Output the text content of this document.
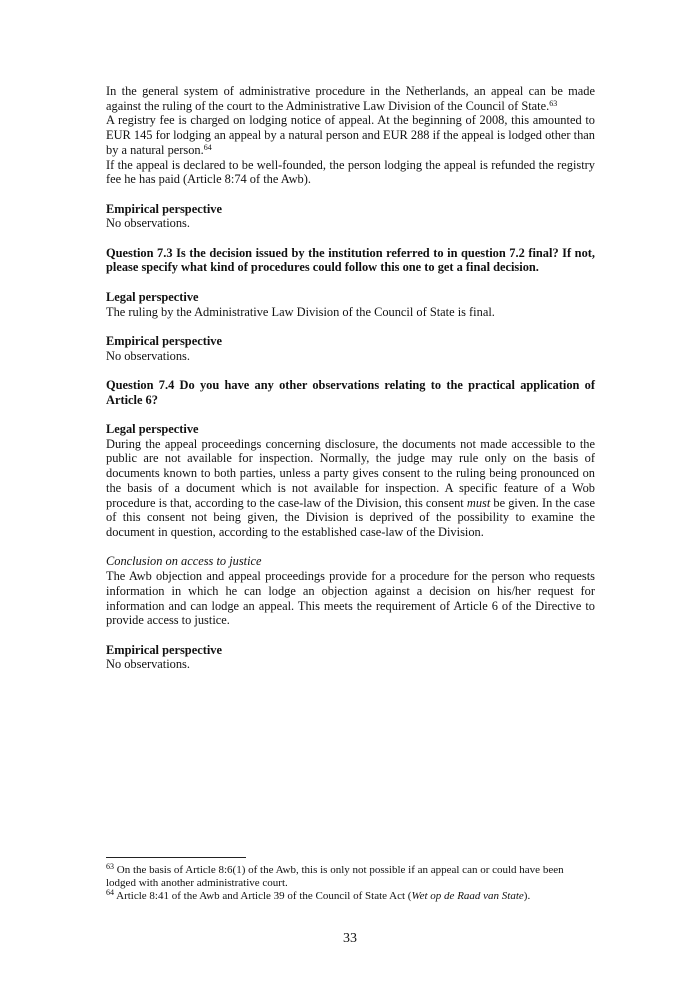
In the general system of administrative procedure in the Netherlands, an appeal can be made against the ruling of the court to the Administrative Law Division of the Council of State.$^{63}$

A registry fee is charged on lodging notice of appeal. At the beginning of 2008, this amounted to EUR 145 for lodging an appeal by a natural person and EUR 288 if the appeal is lodged other than by a natural person.$^{64}$

If the appeal is declared to be well-founded, the person lodging the appeal is refunded the registry fee he has paid (Article 8:74 of the Awb).

Empirical perspective

No observations.

Question 7.3 Is the decision issued by the institution referred to in question 7.2 final? If not, please specify what kind of procedures could follow this one to get a final decision.

Legal perspective

The ruling by the Administrative Law Division of the Council of State is final.

Empirical perspective

No observations.

Question 7.4 Do you have any other observations relating to the practical application of Article 6?

Legal perspective

During the appeal proceedings concerning disclosure, the documents not made accessible to the public are not available for inspection. Normally, the judge may rule only on the basis of documents known to both parties, unless a party gives consent to the ruling being pronounced on the basis of a document which is not available for inspection. A specific feature of a Wob procedure is that, according to the case-law of the Division, this consent must be given. In the case of this consent not being given, the Division is deprived of the possibility to examine the document in question, according to the established case-law of the Division.

Conclusion on access to justice

The Awb objection and appeal proceedings provide for a procedure for the person who requests information in which he can lodge an objection against a decision on his/her request for information and can lodge an appeal. This meets the requirement of Article 6 of the Directive to provide access to justice.

Empirical perspective

No observations.

$^{63}$ On the basis of Article 8:6(1) of the Awb, this is only not possible if an appeal can or could have been lodged with another administrative court.

$^{64}$ Article 8:41 of the Awb and Article 39 of the Council of State Act (Wet op de Raad van State).

33
